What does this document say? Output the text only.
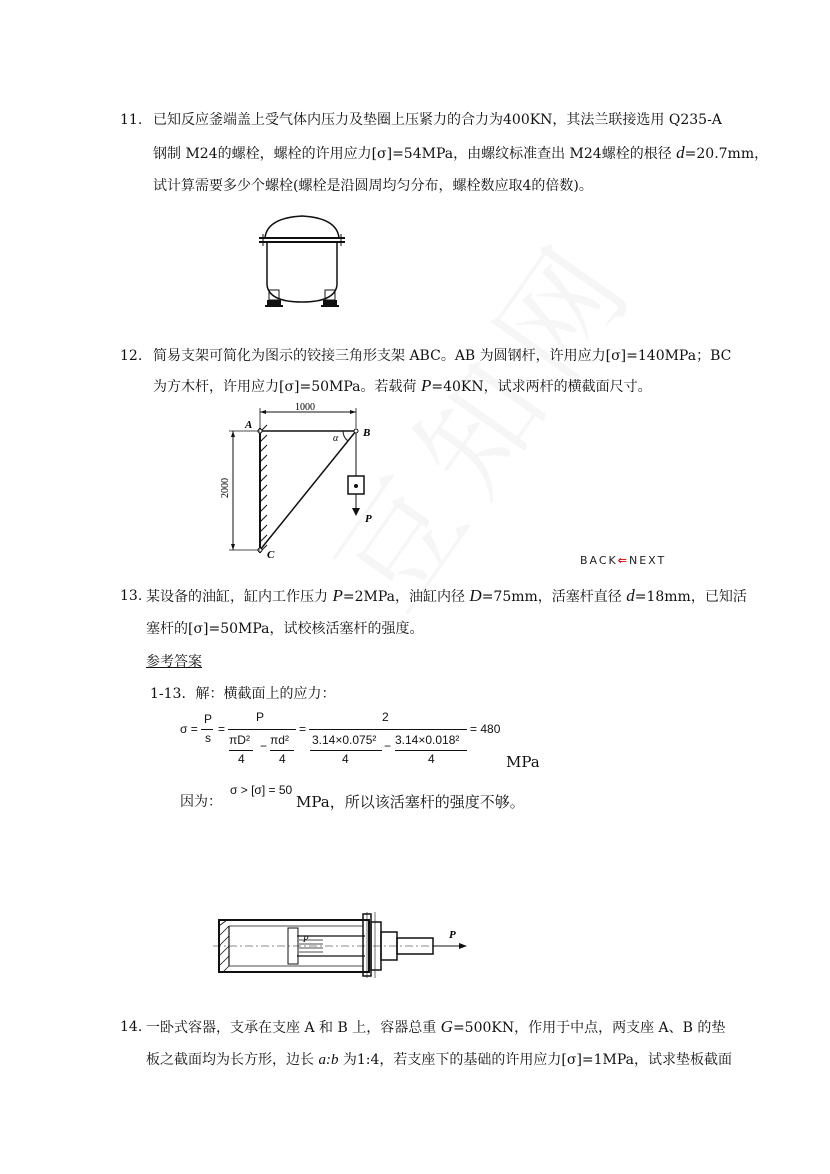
11. 已知反应釜端盖上受气体内压力及垫圈上压紧力的合力为400KN，其法兰联接选用 Q235-A
钢制 M24的螺栓，螺栓的许用应力[σ]=54MPa，由螺纹标准查出 M24螺栓的根径 d=20.7mm，
试计算需要多少个螺栓(螺栓是沿圆周均匀分布，螺栓数应取4的倍数)。
12. 简易支架可简化为图示的铰接三角形支架 ABC。AB 为圆钢杆，许用应力[σ]=140MPa；BC
为方木杆，许用应力[σ]=50MPa。若载荷 P=40KN，试求两杆的横截面尺寸。
1000
2000
A
B
C
α
P
BACK⇐NEXT
13. 某设备的油缸，缸内工作压力 P=2MPa，油缸内径 D=75mm，活塞杆直径 d=18mm，已知活
塞杆的[σ]=50MPa，试校核活塞杆的强度。
参考答案
1-13．解：横截面上的应力：
σ =
P
s
=
P
πD² − πd²
4	4
=
2
3.14×0.075² − 3.14×0.018²
4	4
= 480
MPa
因为：
σ > [σ] = 50
MPa，所以该活塞杆的强度不够。
P	P
14. 一卧式容器，支承在支座 A 和 B 上，容器总重 G=500KN，作用于中点，两支座 A、B 的垫
板之截面均为长方形，边长 a:b 为1:4，若支座下的基础的许用应力[σ]=1MPa，试求垫板截面
